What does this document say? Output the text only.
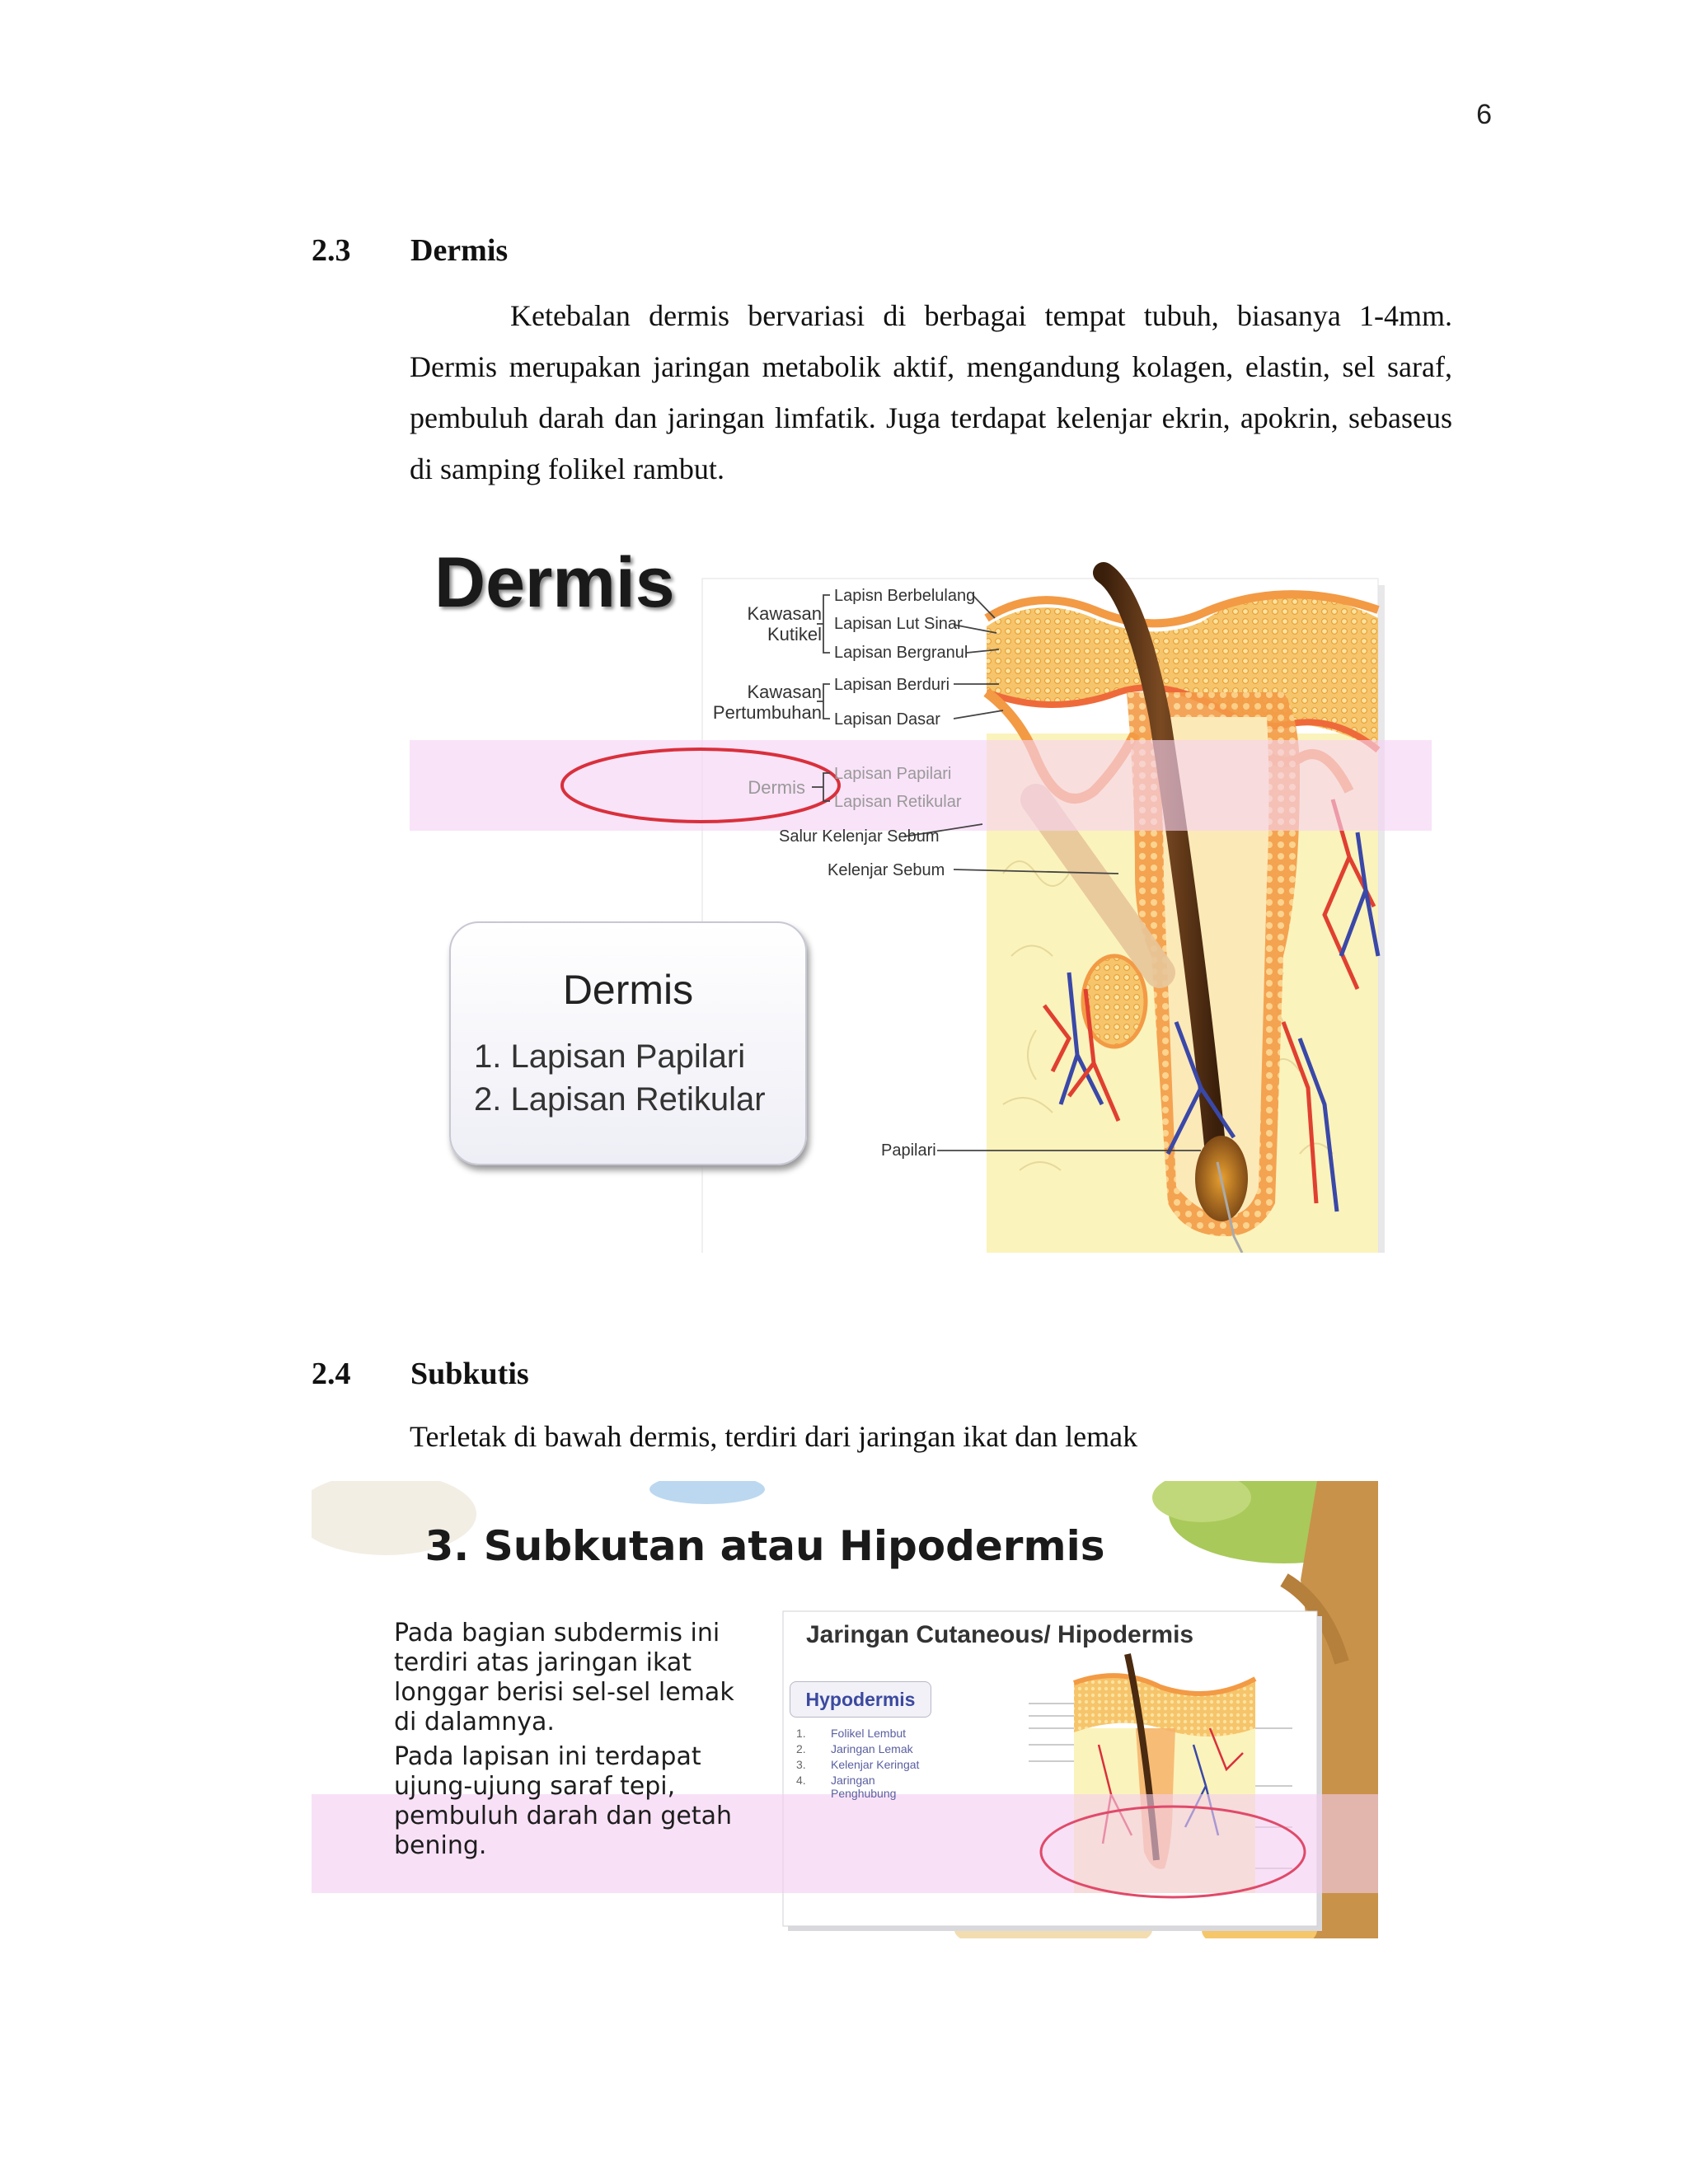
6
2.3 Dermis
Ketebalan dermis bervariasi di berbagai tempat tubuh, biasanya 1-4mm. Dermis merupakan jaringan metabolik aktif, mengandung kolagen, elastin, sel saraf, pembuluh darah dan jaringan limfatik. Juga terdapat kelenjar ekrin, apokrin, sebaseus di samping folikel rambut.
Dermis	Kawasan
Kutikel
Kawasan
Pertumbuhan
Dermis
Lapisn Berbelulang
Lapisan Lut Sinar
Lapisan Bergranul
Lapisan Berduri
Lapisan Dasar
Lapisan Papilari
Lapisan Retikular
Salur Kelenjar Sebum
Kelenjar Sebum
Papilari
Dermis
1. Lapisan Papilari
2. Lapisan Retikular
2.4 Subkutis
Terletak di bawah dermis, terdiri dari jaringan ikat dan lemak
3. Subkutan atau Hipodermis
Pada bagian subdermis ini terdiri atas jaringan ikat longgar berisi sel-sel lemak di dalamnya.
Pada lapisan ini terdapat ujung-ujung saraf tepi, pembuluh darah dan getah bening.
Jaringan Cutaneous/ Hipodermis
Hypodermis
1. Folikel Lembut
2. Jaringan Lemak
3. Kelenjar Keringat
4. Jaringan
Penghubung
